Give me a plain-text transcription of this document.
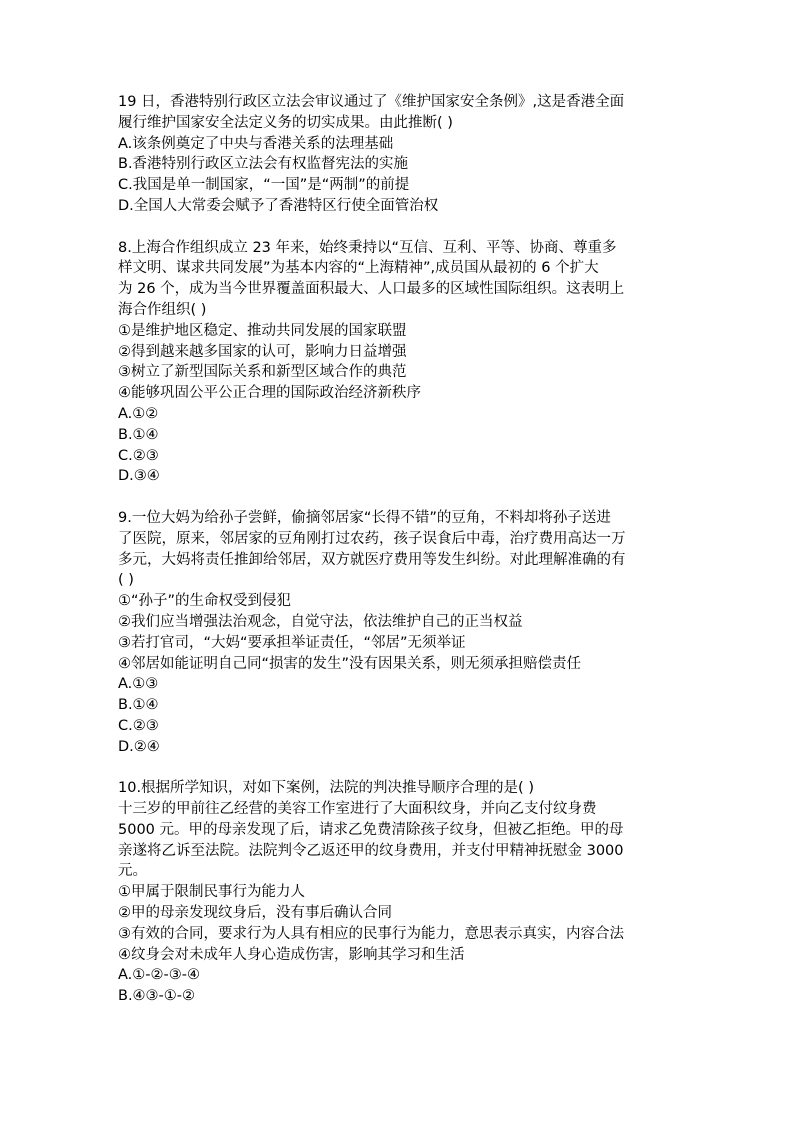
19 日，香港特别行政区立法会审议通过了《维护国家安全条例》,这是香港全面
履行维护国家安全法定义务的切实成果。由此推断( )
A.该条例奠定了中央与香港关系的法理基础
B.香港特别行政区立法会有权监督宪法的实施
C.我国是单一制国家，“一国”是“两制”的前提
D.全国人大常委会赋予了香港特区行使全面管治权
8.上海合作组织成立 23 年来，始终秉持以“互信、互利、平等、协商、尊重多
样文明、谋求共同发展”为基本内容的“上海精神”,成员国从最初的 6 个扩大
为 26 个，成为当今世界覆盖面积最大、人口最多的区域性国际组织。这表明上
海合作组织( )
①是维护地区稳定、推动共同发展的国家联盟
②得到越来越多国家的认可，影响力日益增强
③树立了新型国际关系和新型区域合作的典范
④能够巩固公平公正合理的国际政治经济新秩序
A.①②
B.①④
C.②③
D.③④
9.一位大妈为给孙子尝鲜，偷摘邻居家“长得不错”的豆角，不料却将孙子送进
了医院，原来，邻居家的豆角刚打过农药，孩子误食后中毒，治疗费用高达一万
多元，大妈将责任推卸给邻居，双方就医疗费用等发生纠纷。对此理解准确的有
( )
①“孙子”的生命权受到侵犯
②我们应当增强法治观念，自觉守法，依法维护自己的正当权益
③若打官司，“大妈“要承担举证责任，“邻居”无须举证
④邻居如能证明自己同“损害的发生”没有因果关系，则无须承担赔偿责任
A.①③
B.①④
C.②③
D.②④
10.根据所学知识，对如下案例，法院的判决推导顺序合理的是( )
十三岁的甲前往乙经营的美容工作室进行了大面积纹身，并向乙支付纹身费
5000 元。甲的母亲发现了后，请求乙免费清除孩子纹身，但被乙拒绝。甲的母
亲遂将乙诉至法院。法院判令乙返还甲的纹身费用，并支付甲精神抚慰金 3000
元。
①甲属于限制民事行为能力人
②甲的母亲发现纹身后，没有事后确认合同
③有效的合同，要求行为人具有相应的民事行为能力，意思表示真实，内容合法
④纹身会对未成年人身心造成伤害，影响其学习和生活
A.①-②-③-④
B.④③-①-②
